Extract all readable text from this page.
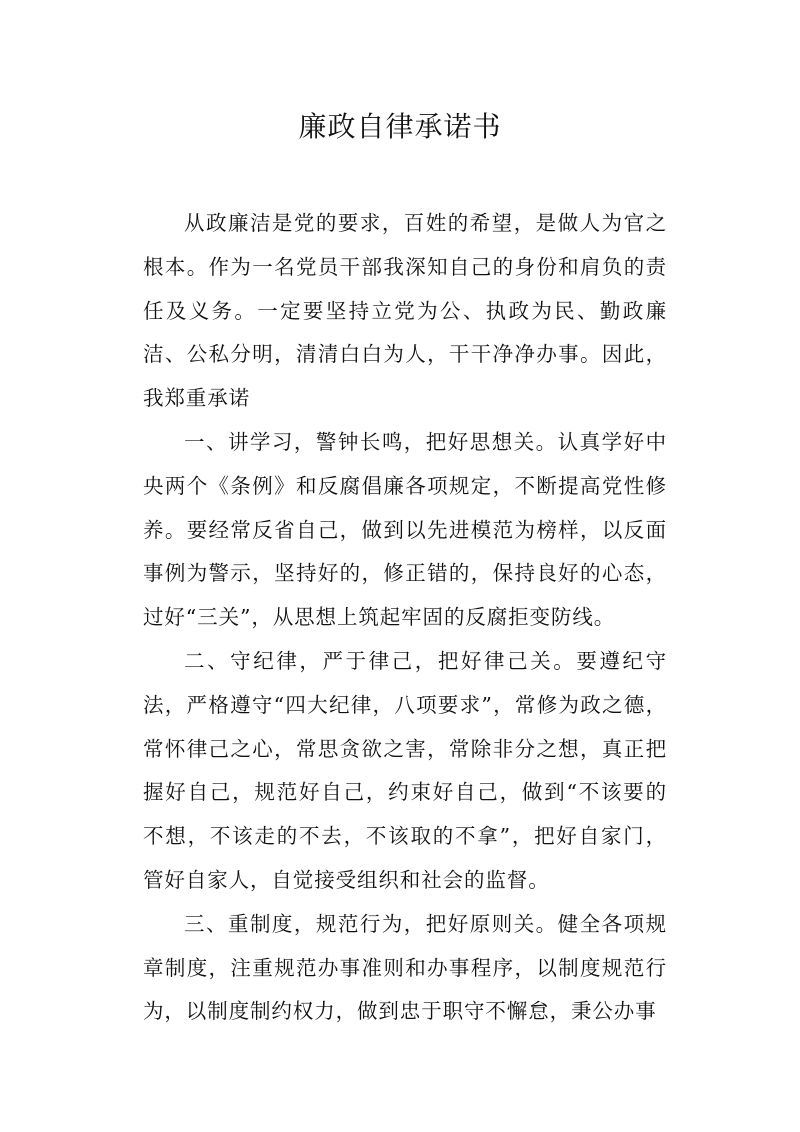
廉政自律承诺书

从政廉洁是党的要求，百姓的希望，是做人为官之根本。作为一名党员干部我深知自己的身份和肩负的责任及义务。一定要坚持立党为公、执政为民、勤政廉洁、公私分明，清清白白为人，干干净净办事。因此，我郑重承诺

一、讲学习，警钟长鸣，把好思想关。认真学好中央两个《条例》和反腐倡廉各项规定，不断提高党性修养。要经常反省自己，做到以先进模范为榜样，以反面事例为警示，坚持好的，修正错的，保持良好的心态，过好“三关”，从思想上筑起牢固的反腐拒变防线。

二、守纪律，严于律己，把好律己关。要遵纪守法，严格遵守“四大纪律，八项要求”，常修为政之德，常怀律己之心，常思贪欲之害，常除非分之想，真正把握好自己，规范好自己，约束好自己，做到“不该要的不想，不该走的不去，不该取的不拿”，把好自家门，管好自家人，自觉接受组织和社会的监督。

三、重制度，规范行为，把好原则关。健全各项规章制度，注重规范办事准则和办事程序，以制度规范行为，以制度制约权力，做到忠于职守不懈怠，秉公办事
